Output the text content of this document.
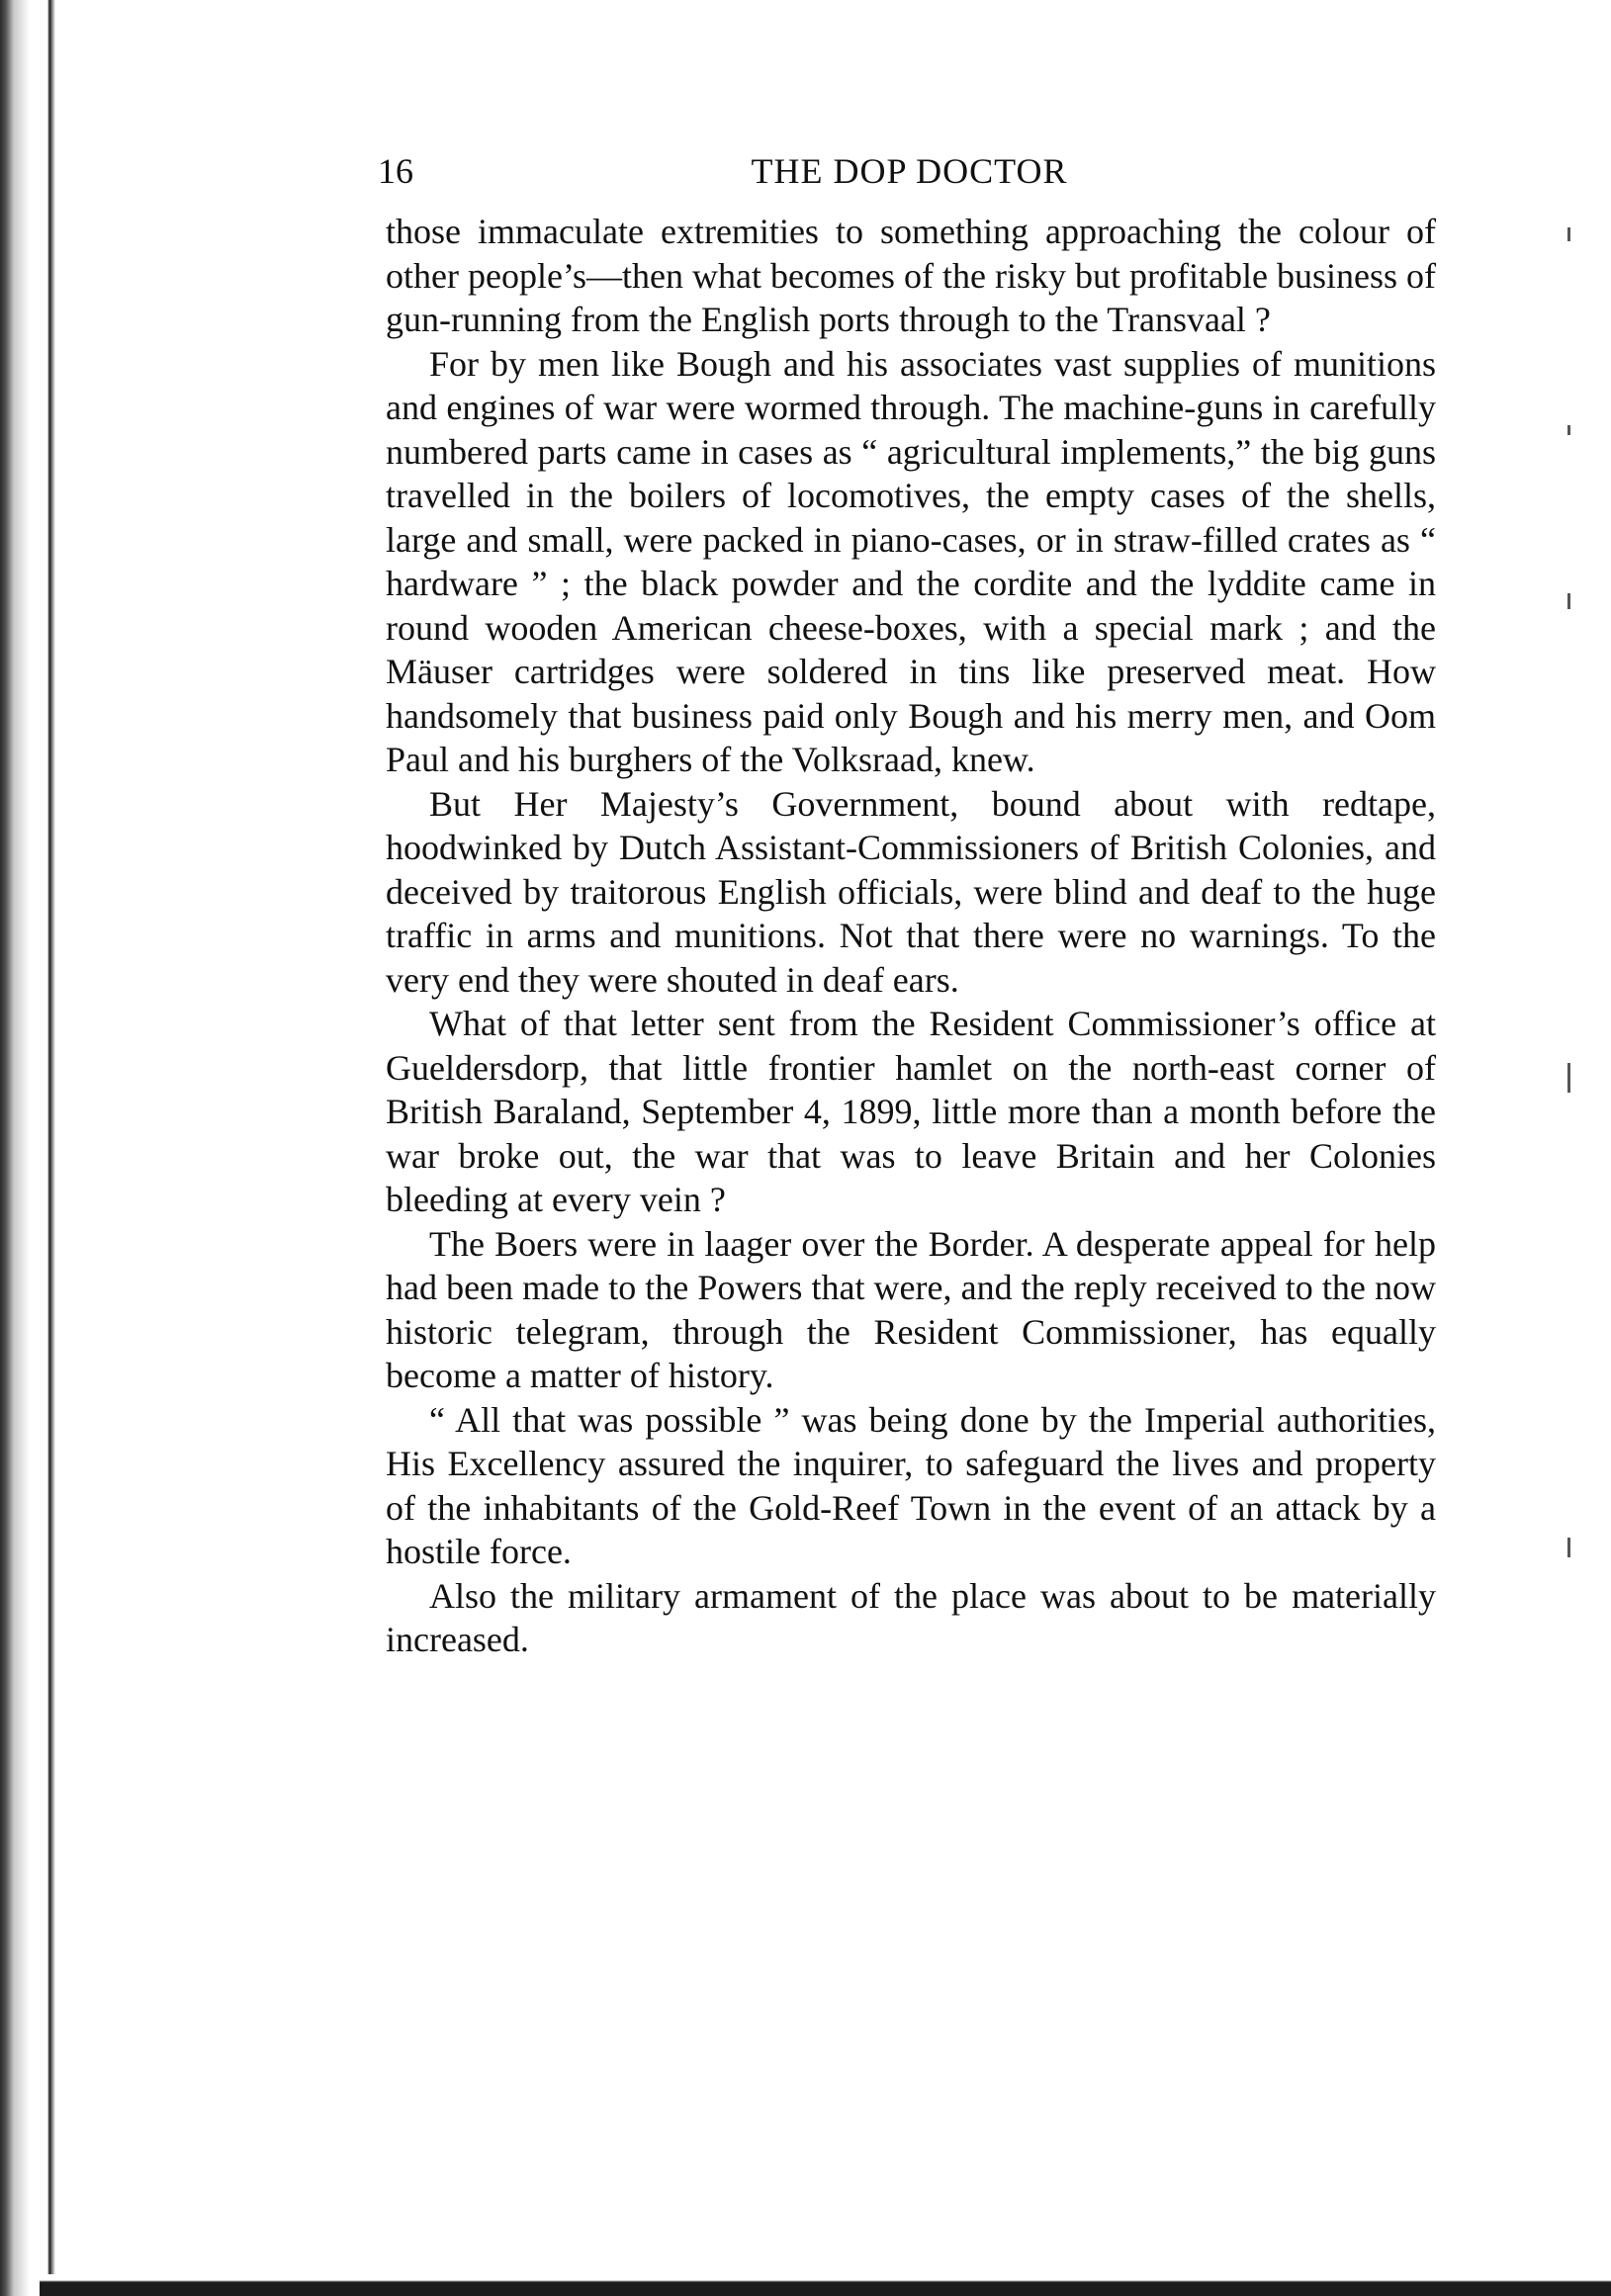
16	THE DOP DOCTOR

those immaculate extremities to something approaching the colour of other people’s—then what becomes of the risky but profitable business of gun-running from the English ports through to the Transvaal ?

For by men like Bough and his associates vast supplies of munitions and engines of war were wormed through. The machine-guns in carefully numbered parts came in cases as “ agricultural implements,” the big guns travelled in the boilers of locomotives, the empty cases of the shells, large and small, were packed in piano-cases, or in straw-filled crates as “ hardware ” ; the black powder and the cordite and the lyddite came in round wooden American cheese-boxes, with a special mark ; and the Mäuser cartridges were soldered in tins like preserved meat. How handsomely that business paid only Bough and his merry men, and Oom Paul and his burghers of the Volksraad, knew.

But Her Majesty’s Government, bound about with redtape, hoodwinked by Dutch Assistant-Commissioners of British Colonies, and deceived by traitorous English officials, were blind and deaf to the huge traffic in arms and munitions. Not that there were no warnings. To the very end they were shouted in deaf ears.

What of that letter sent from the Resident Commissioner’s office at Gueldersdorp, that little frontier hamlet on the north-east corner of British Baraland, September 4, 1899, little more than a month before the war broke out, the war that was to leave Britain and her Colonies bleeding at every vein ?

The Boers were in laager over the Border. A desperate appeal for help had been made to the Powers that were, and the reply received to the now historic telegram, through the Resident Commissioner, has equally become a matter of history.

“ All that was possible ” was being done by the Imperial authorities, His Excellency assured the inquirer, to safeguard the lives and property of the inhabitants of the Gold-Reef Town in the event of an attack by a hostile force.

Also the military armament of the place was about to be materially increased.
